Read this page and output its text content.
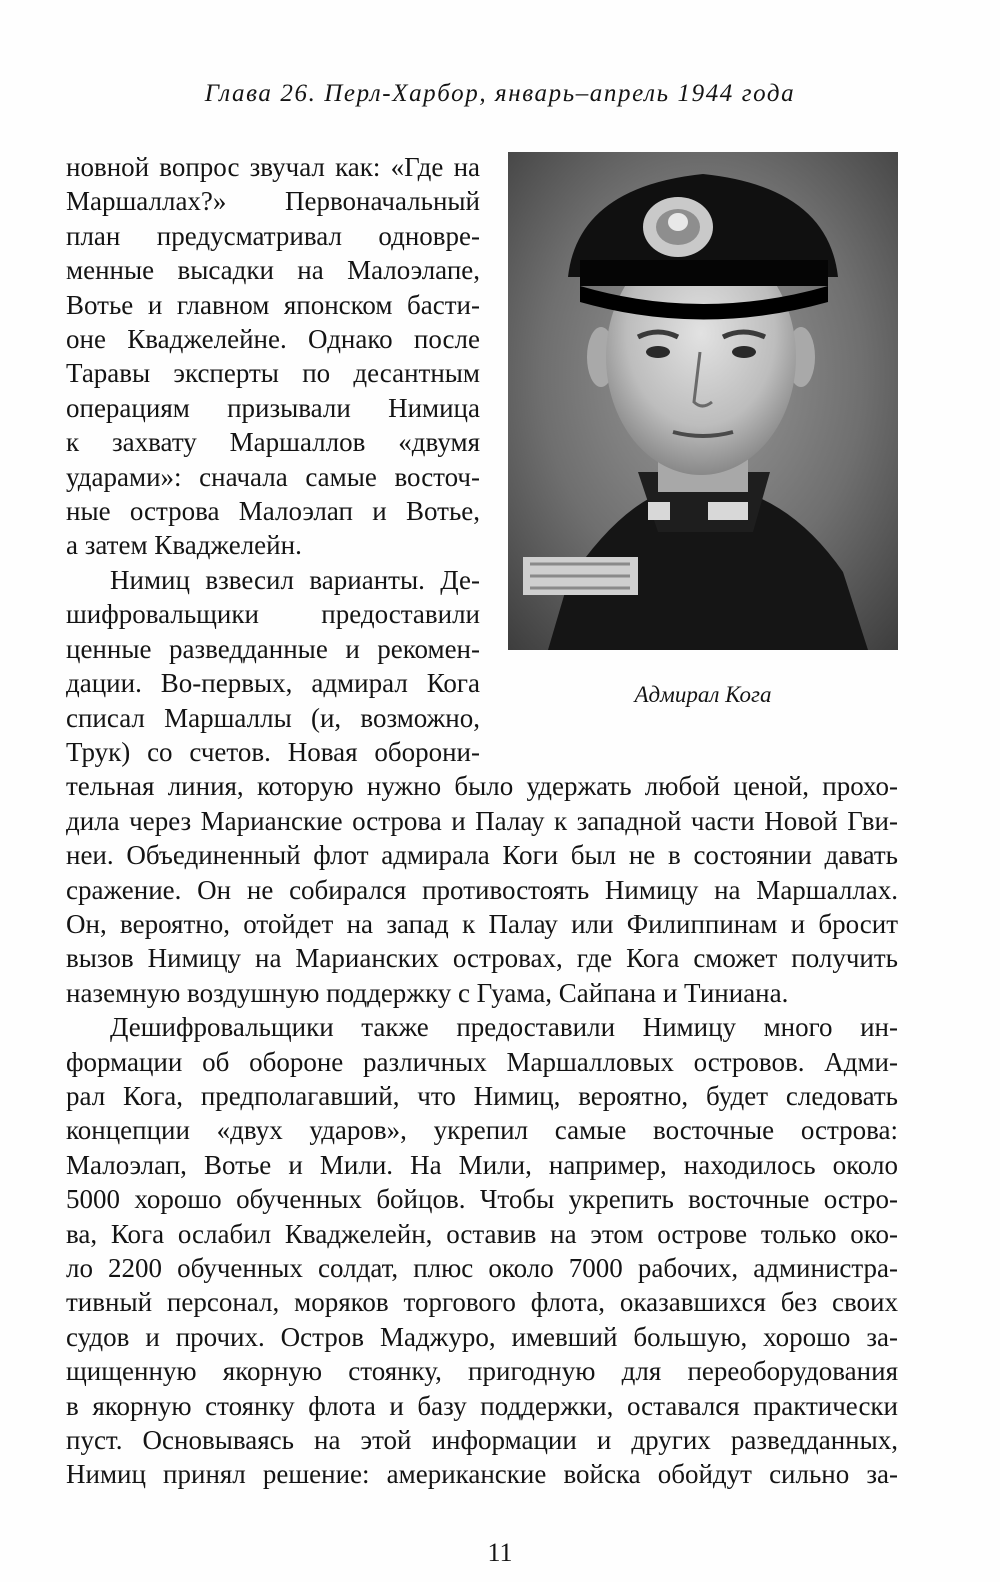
Глава 26. Перл-Харбор, январь–апрель 1944 года
Адмирал Кога
новной вопрос звучал как: «Где на
Маршаллах?» Первоначальный
план предусматривал одновре-
менные высадки на Малоэлапе,
Вотье и главном японском басти-
оне Кваджелейне. Однако после
Таравы эксперты по десантным
операциям призывали Нимица
к захвату Маршаллов «двумя
ударами»: сначала самые восточ-
ные острова Малоэлап и Вотье,
а затем Кваджелейн.
Нимиц взвесил варианты. Де-
шифровальщики предоставили
ценные разведданные и рекомен-
дации. Во-первых, адмирал Кога
списал Маршаллы (и, возможно,
Трук) со счетов. Новая оборони-
тельная линия, которую нужно было удержать любой ценой, прохо-
дила через Марианские острова и Палау к западной части Новой Гви-
неи. Объединенный флот адмирала Коги был не в состоянии давать
сражение. Он не собирался противостоять Нимицу на Маршаллах.
Он, вероятно, отойдет на запад к Палау или Филиппинам и бросит
вызов Нимицу на Марианских островах, где Кога сможет получить
наземную воздушную поддержку с Гуама, Сайпана и Тиниана.
Дешифровальщики также предоставили Нимицу много ин-
формации об обороне различных Маршалловых островов. Адми-
рал Кога, предполагавший, что Нимиц, вероятно, будет следовать
концепции «двух ударов», укрепил самые восточные острова:
Малоэлап, Вотье и Мили. На Мили, например, находилось около
5000 хорошо обученных бойцов. Чтобы укрепить восточные остро-
ва, Кога ослабил Кваджелейн, оставив на этом острове только око-
ло 2200 обученных солдат, плюс около 7000 рабочих, администра-
тивный персонал, моряков торгового флота, оказавшихся без своих
судов и прочих. Остров Маджуро, имевший большую, хорошо за-
щищенную якорную стоянку, пригодную для переоборудования
в якорную стоянку флота и базу поддержки, оставался практически
пуст. Основываясь на этой информации и других разведданных,
Нимиц принял решение: американские войска обойдут сильно за-
11
